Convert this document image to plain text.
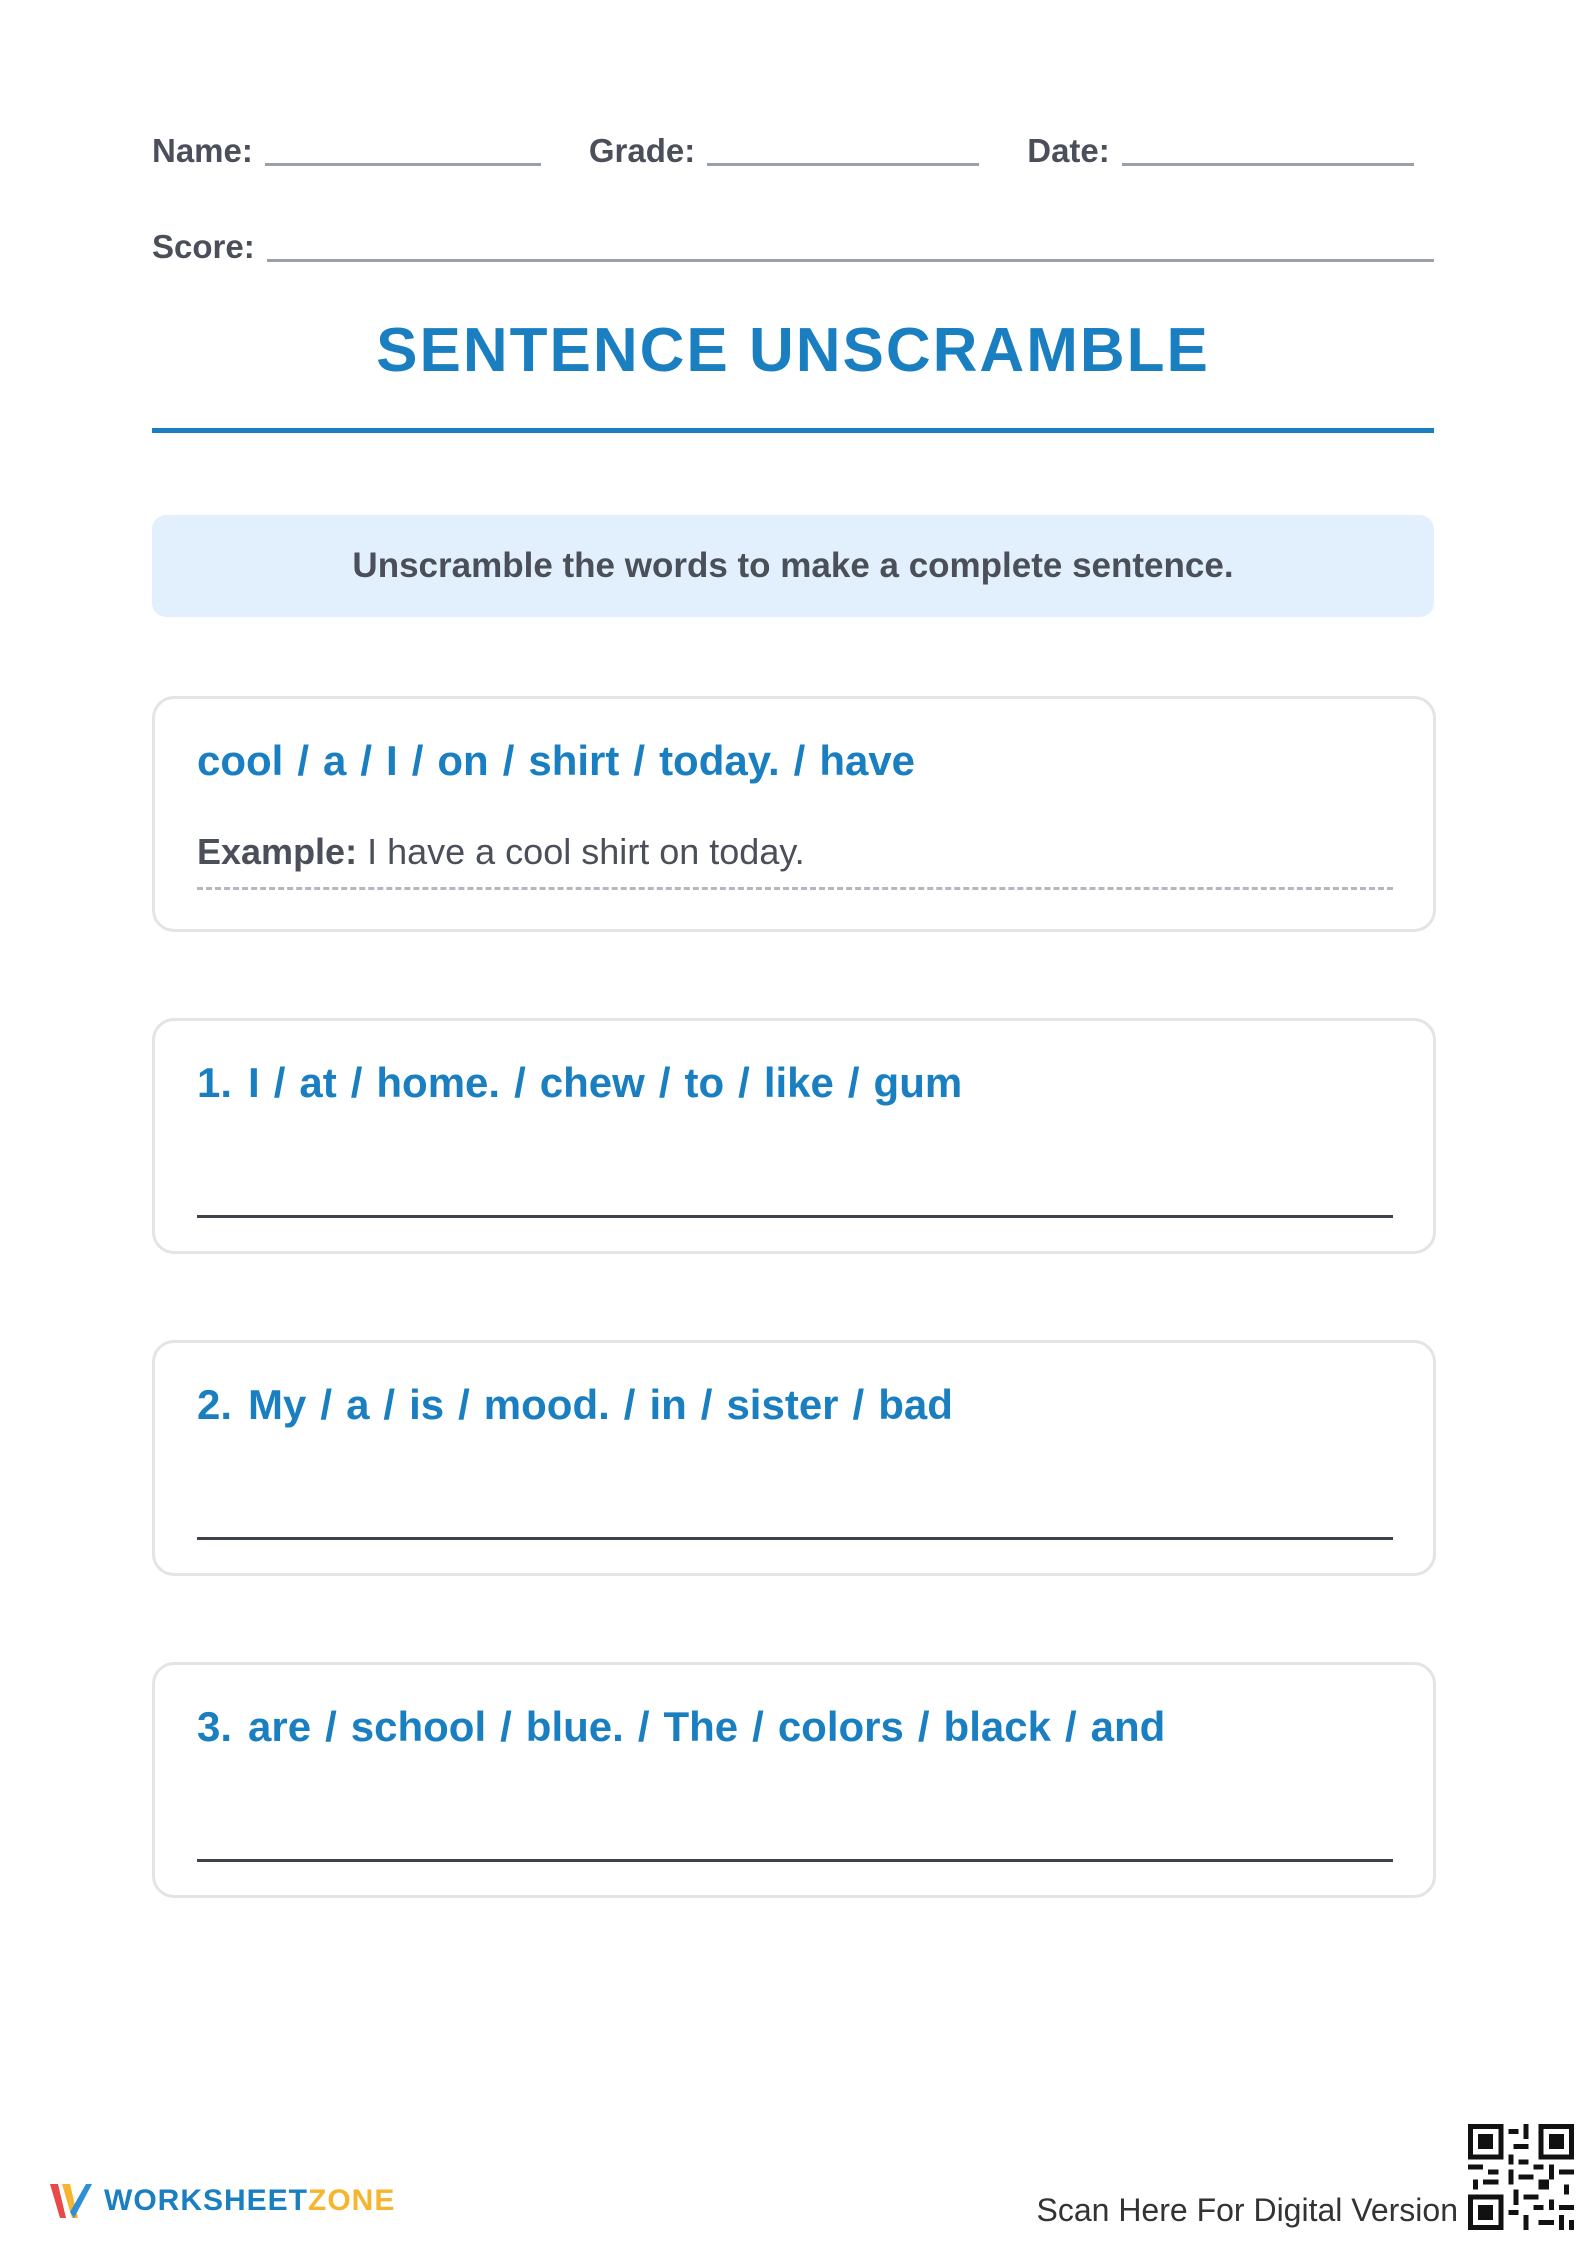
Name:	Grade:	Date:
Score:
SENTENCE UNSCRAMBLE
Unscramble the words to make a complete sentence.
cool / a / I / on / shirt / today. / have
Example: I have a cool shirt on today.
1. I / at / home. / chew / to / like / gum
2. My / a / is / mood. / in / sister / bad
3. are / school / blue. / The / colors / black / and
WORKSHEETZONE	Scan Here For Digital Version
